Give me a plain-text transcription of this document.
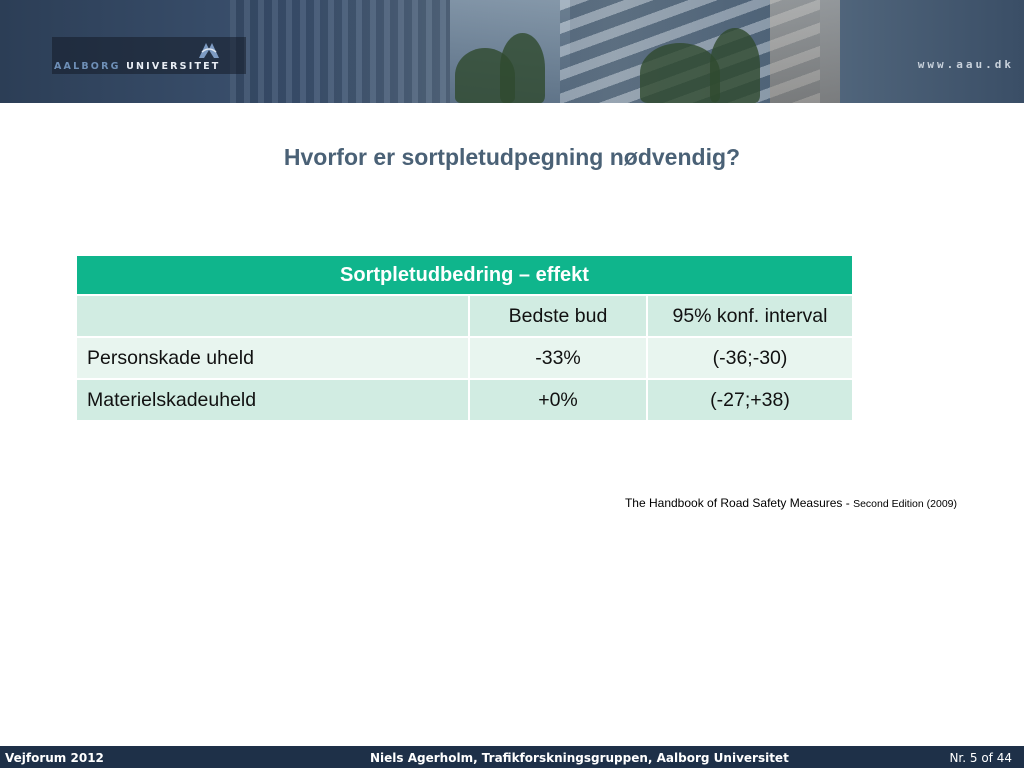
AALBORG UNIVERSITET	www.aau.dk
Hvorfor er sortpletudpegning nødvendig?
Sortpletudbedring – effekt		
	Bedste bud	95% konf. interval
Personskade uheld	-33%	(-36;-30)
Materielskadeuheld	+0%	(-27;+38)
The Handbook of Road Safety Measures - Second Edition (2009)
Vejforum 2012	Niels Agerholm, Trafikforskningsgruppen, Aalborg Universitet	Nr. 5 of 44
